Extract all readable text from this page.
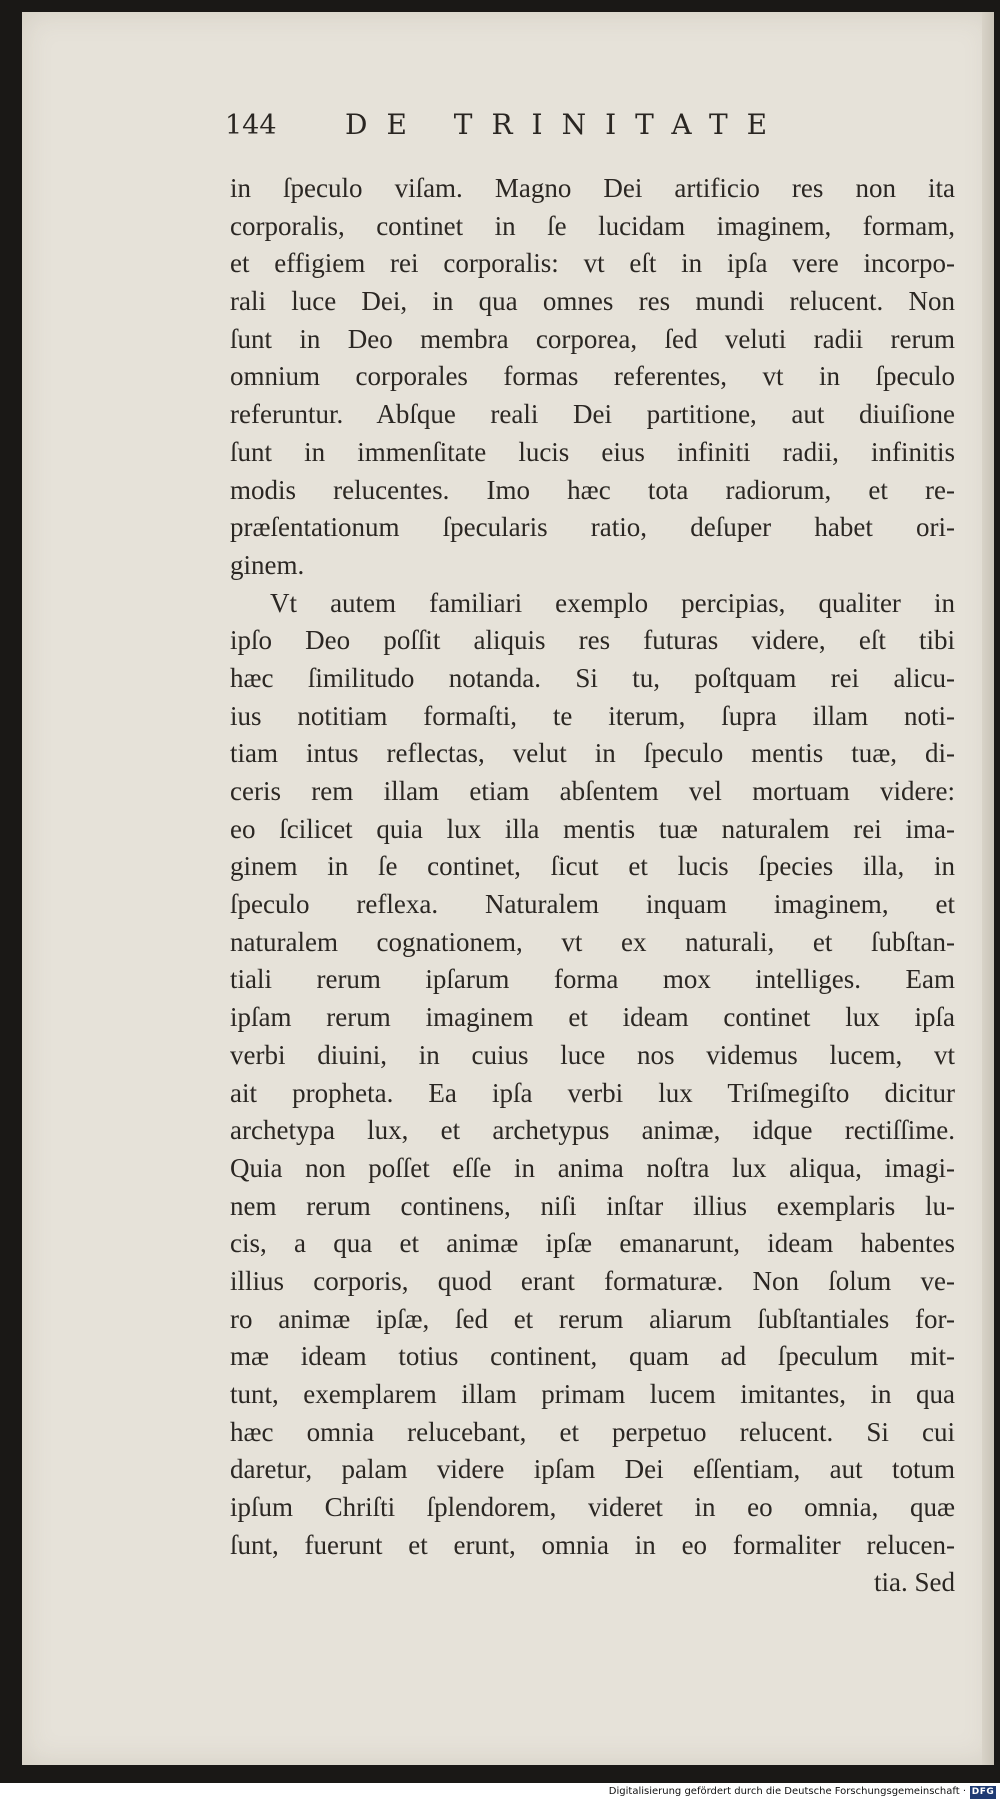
144 DE TRINITATE
in ſpeculo viſam. Magno Dei artificio res non ita
corporalis, continet in ſe lucidam imaginem, formam,
et effigiem rei corporalis: vt eſt in ipſa vere incorpo-
rali luce Dei, in qua omnes res mundi relucent. Non
ſunt in Deo membra corporea, ſed veluti radii rerum
omnium corporales formas referentes, vt in ſpeculo
referuntur. Abſque reali Dei partitione, aut diuiſione
ſunt in immenſitate lucis eius infiniti radii, infinitis
modis relucentes. Imo hæc tota radiorum, et re-
præſentationum ſpecularis ratio, deſuper habet ori-
ginem.
Vt autem familiari exemplo percipias, qualiter in
ipſo Deo poſſit aliquis res futuras videre, eſt tibi
hæc ſimilitudo notanda. Si tu, poſtquam rei alicu-
ius notitiam formaſti, te iterum, ſupra illam noti-
tiam intus reflectas, velut in ſpeculo mentis tuæ, di-
ceris rem illam etiam abſentem vel mortuam videre:
eo ſcilicet quia lux illa mentis tuæ naturalem rei ima-
ginem in ſe continet, ſicut et lucis ſpecies illa, in
ſpeculo reflexa. Naturalem inquam imaginem, et
naturalem cognationem, vt ex naturali, et ſubſtan-
tiali rerum ipſarum forma mox intelliges. Eam
ipſam rerum imaginem et ideam continet lux ipſa
verbi diuini, in cuius luce nos videmus lucem, vt
ait propheta. Ea ipſa verbi lux Triſmegiſto dicitur
archetypa lux, et archetypus animæ, idque rectiſſime.
Quia non poſſet eſſe in anima noſtra lux aliqua, imagi-
nem rerum continens, niſi inſtar illius exemplaris lu-
cis, a qua et animæ ipſæ emanarunt, ideam habentes
illius corporis, quod erant formaturæ. Non ſolum ve-
ro animæ ipſæ, ſed et rerum aliarum ſubſtantiales for-
mæ ideam totius continent, quam ad ſpeculum mit-
tunt, exemplarem illam primam lucem imitantes, in qua
hæc omnia relucebant, et perpetuo relucent. Si cui
daretur, palam videre ipſam Dei eſſentiam, aut totum
ipſum Chriſti ſplendorem, videret in eo omnia, quæ
ſunt, fuerunt et erunt, omnia in eo formaliter relucen-
tia. Sed
Digitalisierung gefördert durch die Deutsche Forschungsgemeinschaft · DFG
